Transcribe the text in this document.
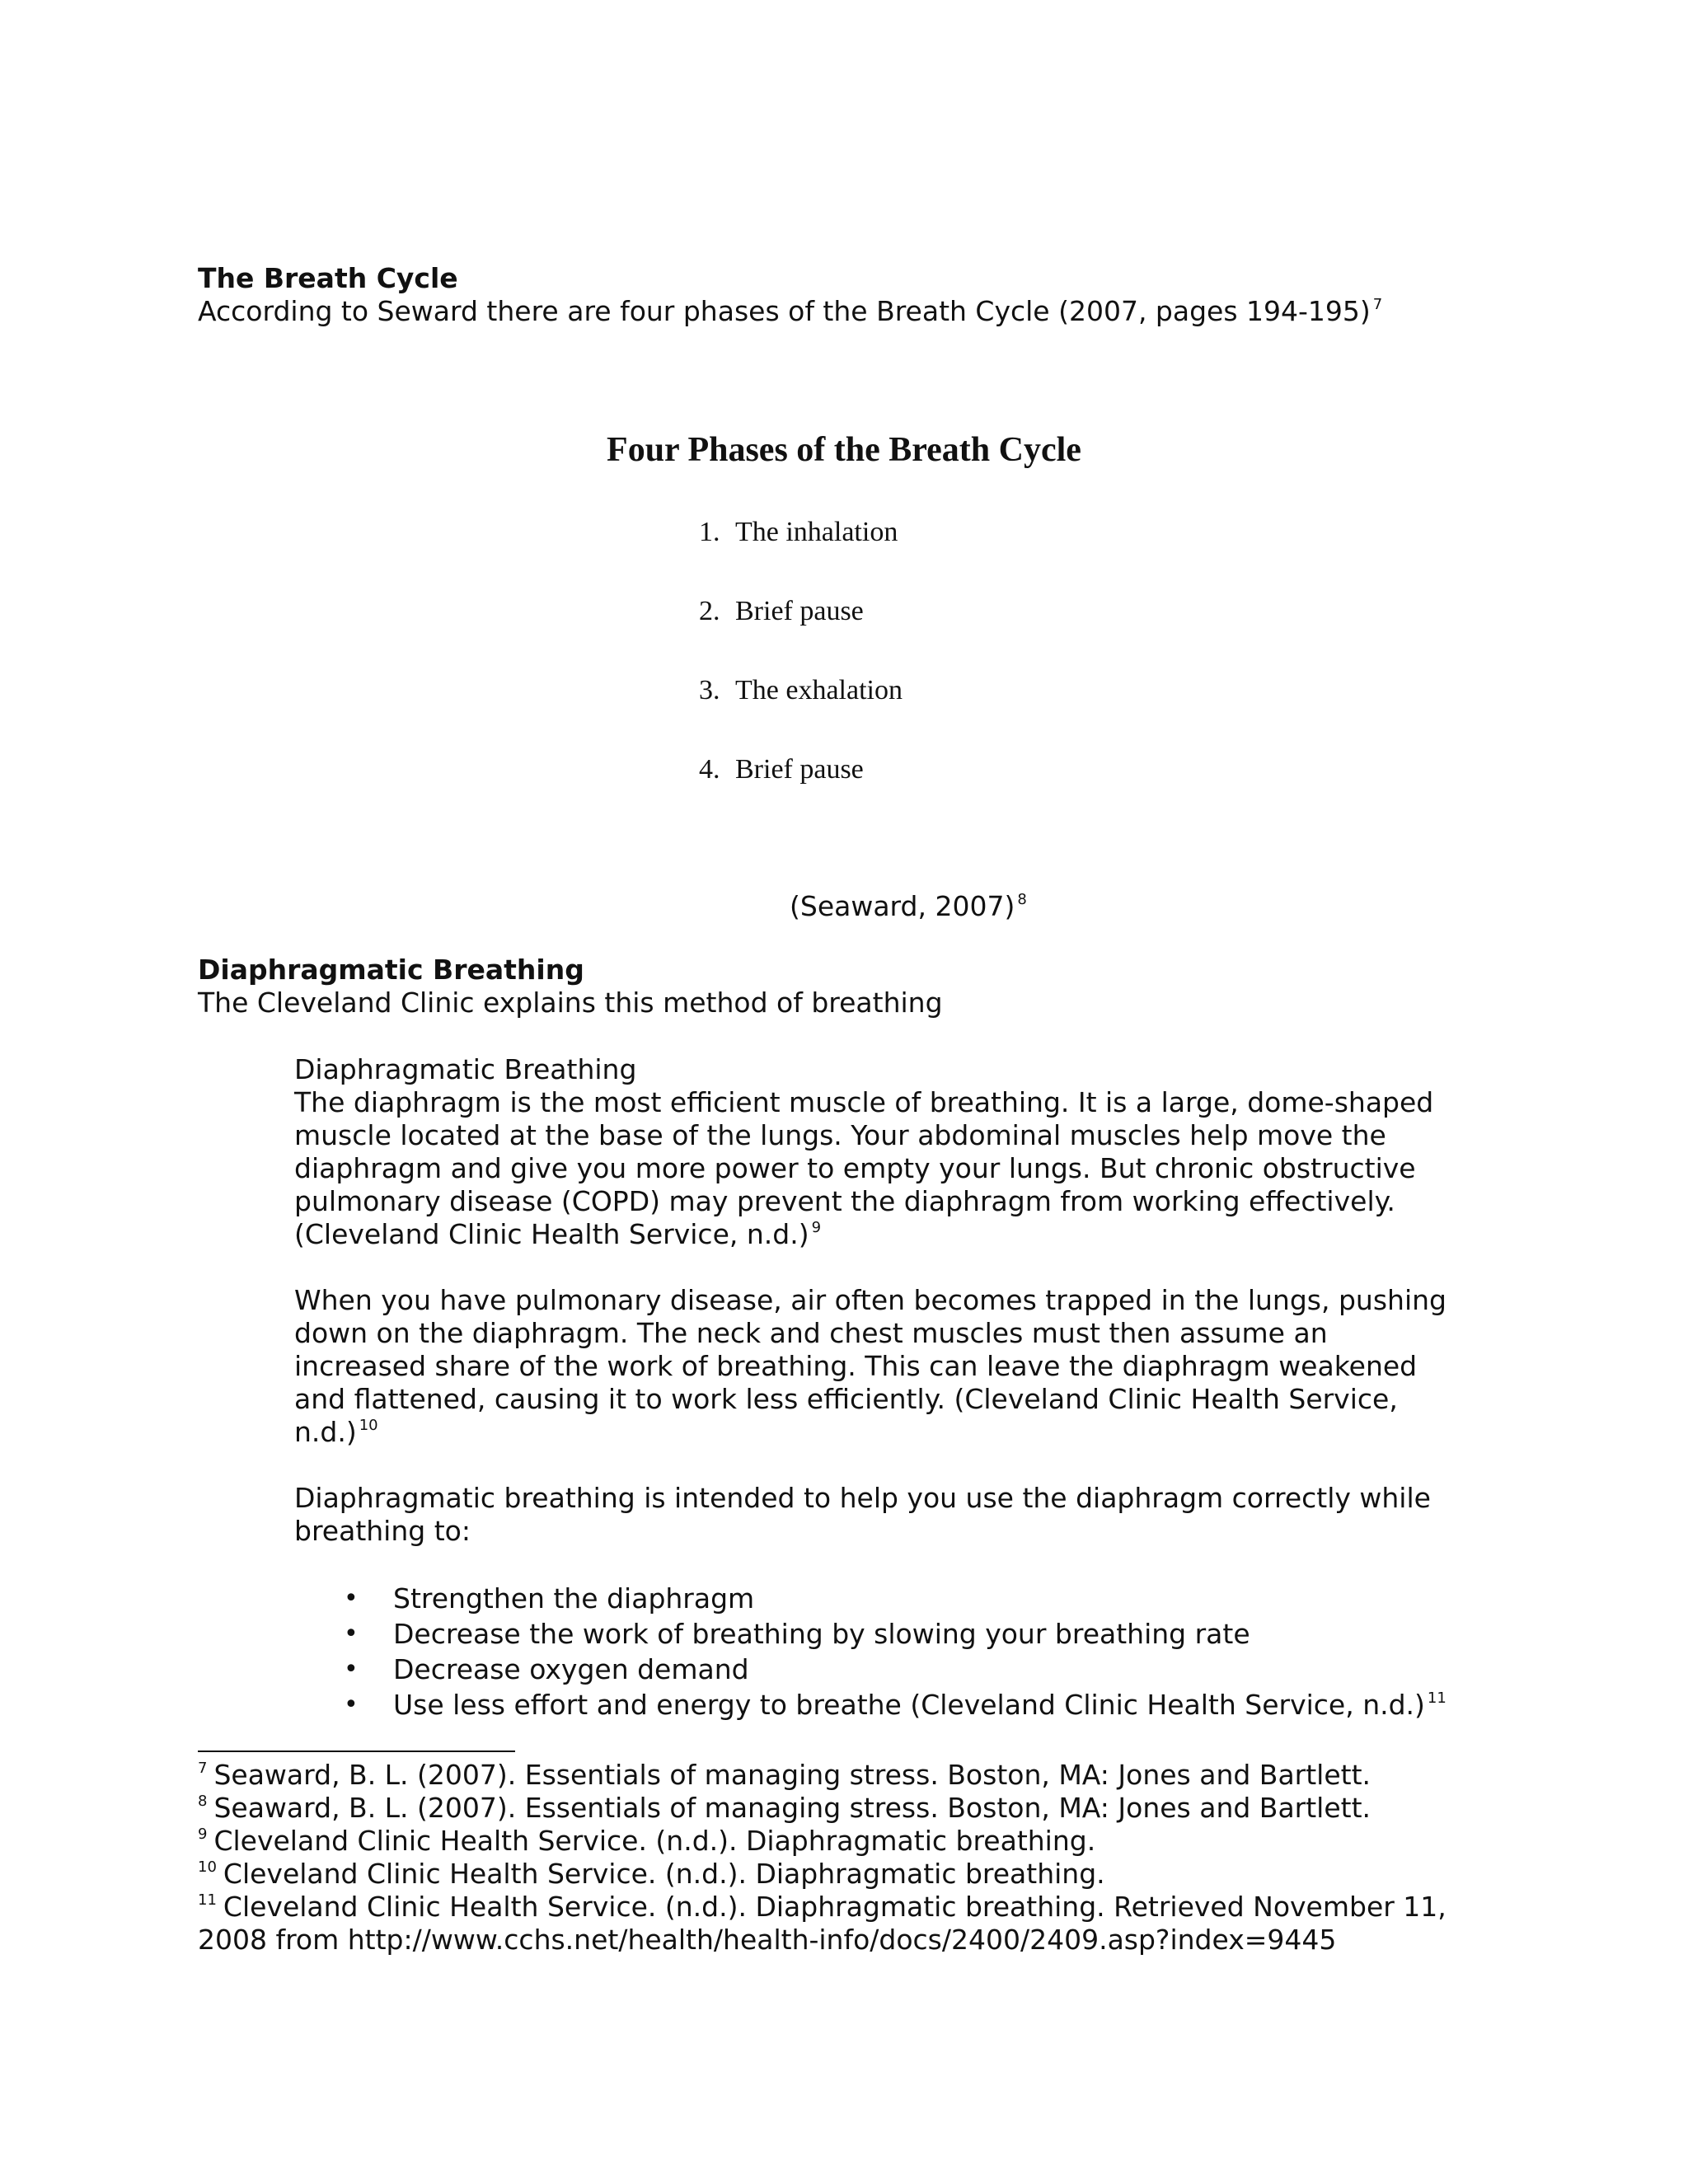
The Breath Cycle

According to Seward there are four phases of the Breath Cycle (2007, pages 194-195) $^7$

Four Phases of the Breath Cycle

1. The inhalation
2. Brief pause
3. The exhalation
4. Brief pause

(Seaward, 2007) $^8$

Diaphragmatic Breathing

The Cleveland Clinic explains this method of breathing

Diaphragmatic Breathing

The diaphragm is the most efficient muscle of breathing. It is a large, dome-shaped
muscle located at the base of the lungs. Your abdominal muscles help move the
diaphragm and give you more power to empty your lungs. But chronic obstructive
pulmonary disease (COPD) may prevent the diaphragm from working effectively.
(Cleveland Clinic Health Service, n.d.) $^9$
When you have pulmonary disease, air often becomes trapped in the lungs, pushing
down on the diaphragm. The neck and chest muscles must then assume an
increased share of the work of breathing. This can leave the diaphragm weakened
and flattened, causing it to work less efficiently. (Cleveland Clinic Health Service,
n.d.) $^{10}$
Diaphragmatic breathing is intended to help you use the diaphragm correctly while
breathing to:
• Strengthen the diaphragm
• Decrease the work of breathing by slowing your breathing rate
• Decrease oxygen demand
• Use less effort and energy to breathe (Cleveland Clinic Health Service, n.d.) $^{11}$

$^7$ Seaward, B. L. (2007). Essentials of managing stress. Boston, MA: Jones and Bartlett.

$^8$ Seaward, B. L. (2007). Essentials of managing stress. Boston, MA: Jones and Bartlett.

$^9$ Cleveland Clinic Health Service. (n.d.). Diaphragmatic breathing.

$^{10}$ Cleveland Clinic Health Service. (n.d.). Diaphragmatic breathing.

$^{11}$ Cleveland Clinic Health Service. (n.d.). Diaphragmatic breathing. Retrieved November 11,

2008 from http://www.cchs.net/health/health-info/docs/2400/2409.asp?index=9445
